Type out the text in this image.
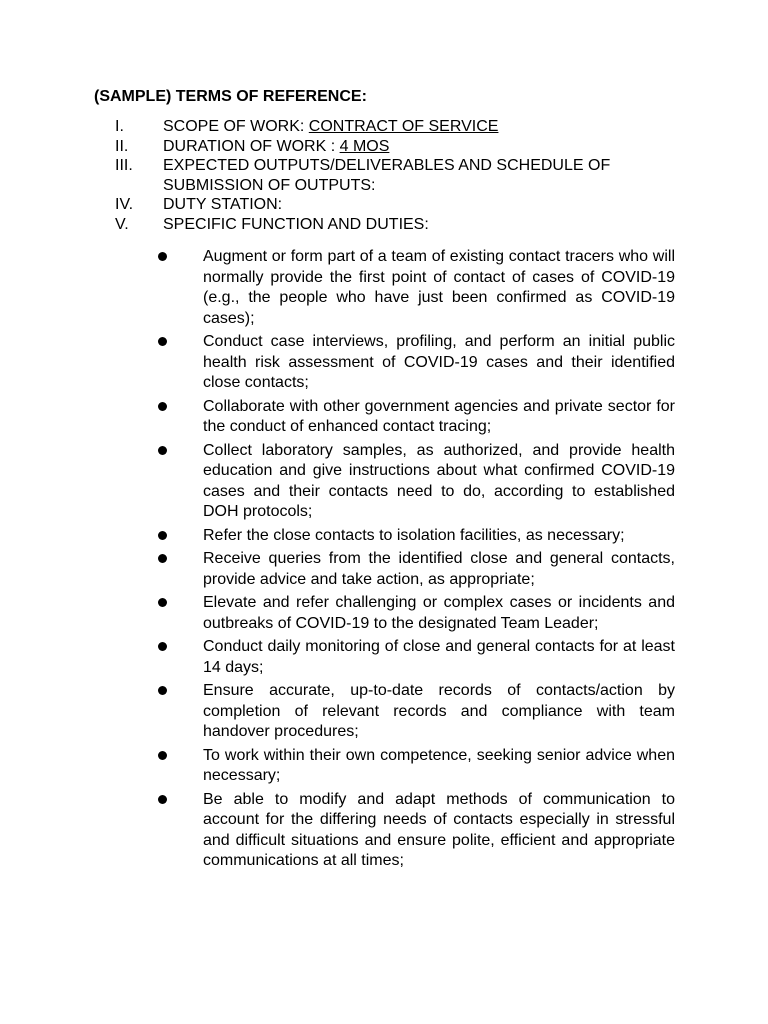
(SAMPLE) TERMS OF REFERENCE:
I.	SCOPE OF WORK: CONTRACT OF SERVICE
II.	DURATION OF WORK : 4 MOS
III.	EXPECTED OUTPUTS/DELIVERABLES AND SCHEDULE OF SUBMISSION OF OUTPUTS:
IV.	DUTY STATION:
V.	SPECIFIC FUNCTION AND DUTIES:
Augment or form part of a team of existing contact tracers who will normally provide the first point of contact of cases of COVID-19 (e.g., the people who have just been confirmed as COVID-19 cases);
Conduct case interviews, profiling, and perform an initial public health risk assessment of COVID-19 cases and their identified close contacts;
Collaborate with other government agencies and private sector for the conduct of enhanced contact tracing;
Collect laboratory samples, as authorized, and provide health education and give instructions about what confirmed COVID-19 cases and their contacts need to do, according to established DOH protocols;
Refer the close contacts to isolation facilities, as necessary;
Receive queries from the identified close and general contacts, provide advice and take action, as appropriate;
Elevate and refer challenging or complex cases or incidents and outbreaks of COVID-19 to the designated Team Leader;
Conduct daily monitoring of close and general contacts for at least 14 days;
Ensure accurate, up-to-date records of contacts/action by completion of relevant records and compliance with team handover procedures;
To work within their own competence, seeking senior advice when necessary;
Be able to modify and adapt methods of communication to account for the differing needs of contacts especially in stressful and difficult situations and ensure polite, efficient and appropriate communications at all times;
